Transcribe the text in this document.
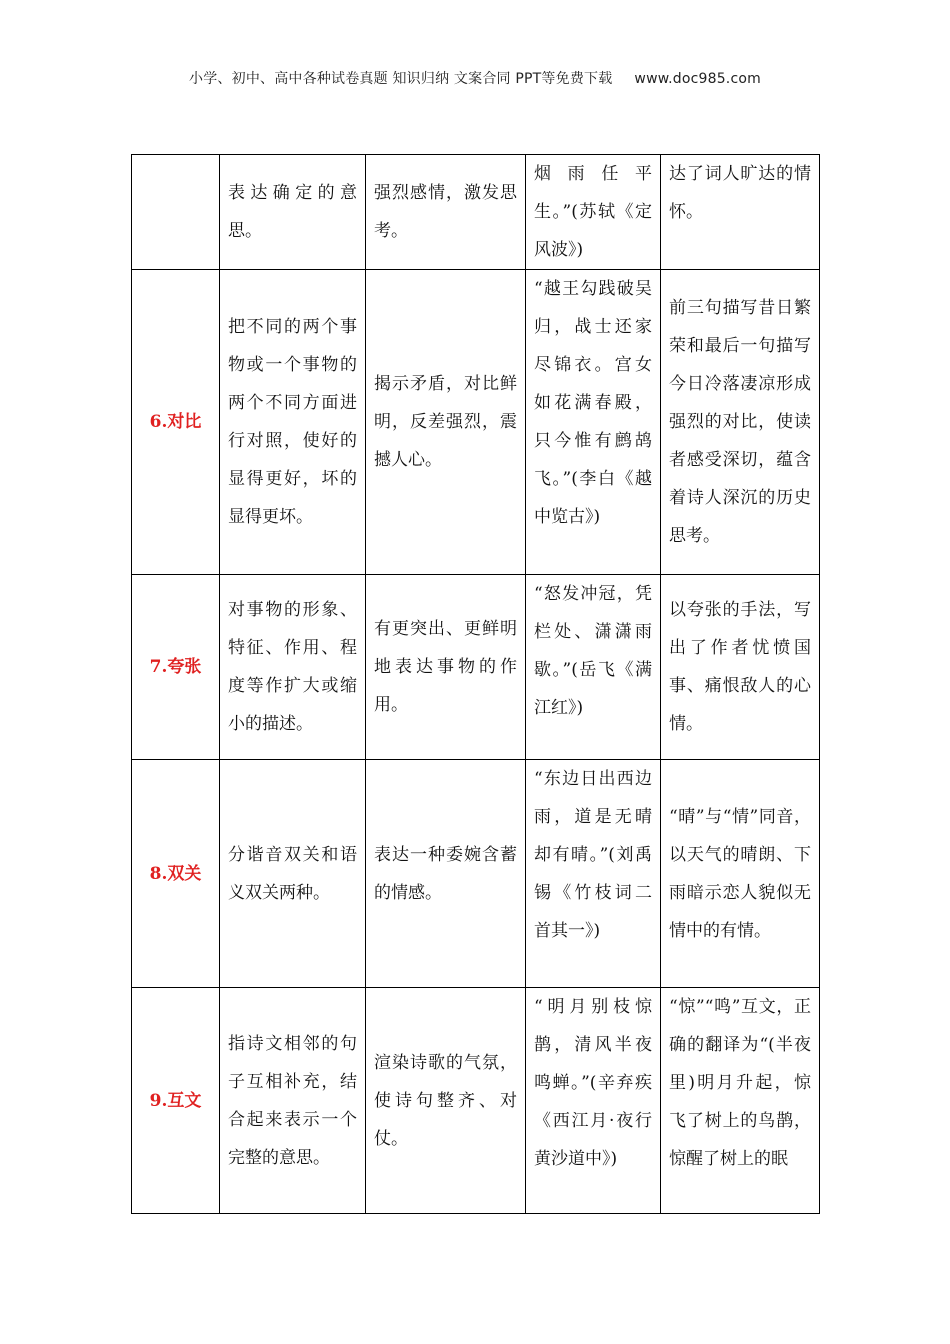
小学、初中、高中各种试卷真题 知识归纳 文案合同 PPT等免费下载 www.doc985.com
	表达确定的意思。	强烈感情，激发思考。	烟雨任平生。”(苏轼《定风波》)	达了词人旷达的情怀。
6.对比	把不同的两个事物或一个事物的两个不同方面进行对照，使好的显得更好，坏的显得更坏。	揭示矛盾，对比鲜明，反差强烈，震撼人心。	“越王勾践破吴归，战士还家尽锦衣。宫女如花满春殿，只今惟有鹧鸪飞。”(李白《越中览古》)	前三句描写昔日繁荣和最后一句描写今日冷落凄凉形成强烈的对比，使读者感受深切，蕴含着诗人深沉的历史思考。
7.夸张	对事物的形象、特征、作用、程度等作扩大或缩小的描述。	有更突出、更鲜明地表达事物的作用。	“怒发冲冠，凭栏处、潇潇雨歇。”(岳飞《满江红》)	以夸张的手法，写出了作者忧愤国事、痛恨敌人的心情。
8.双关	分谐音双关和语义双关两种。	表达一种委婉含蓄的情感。	“东边日出西边雨，道是无晴却有晴。”(刘禹锡《竹枝词二首其一》)	“晴”与“情”同音，以天气的晴朗、下雨暗示恋人貌似无情中的有情。
9.互文	指诗文相邻的句子互相补充，结合起来表示一个完整的意思。	渲染诗歌的气氛，使诗句整齐、对仗。	“明月别枝惊鹊，清风半夜鸣蝉。”(辛弃疾《西江月·夜行黄沙道中》)	“惊”“鸣”互文，正确的翻译为“(半夜里)明月升起，惊飞了树上的鸟鹊，惊醒了树上的眠
